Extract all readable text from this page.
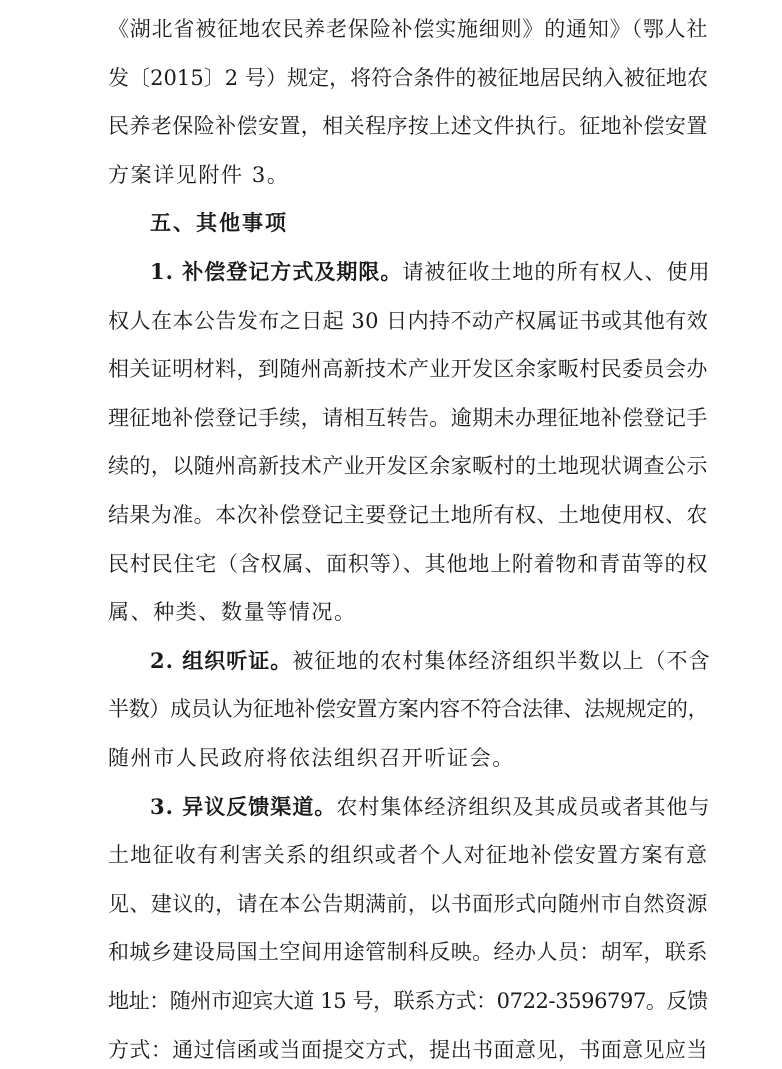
《湖北省被征地农民养老保险补偿实施细则》的通知》（鄂人社
发〔2015〕2 号）规定，将符合条件的被征地居民纳入被征地农
民养老保险补偿安置，相关程序按上述文件执行。征地补偿安置
方案详见附件 3。
五、其他事项
1. 补偿登记方式及期限。请被征收土地的所有权人、使用
权人在本公告发布之日起 30 日内持不动产权属证书或其他有效
相关证明材料，到随州高新技术产业开发区余家畈村民委员会办
理征地补偿登记手续，请相互转告。逾期未办理征地补偿登记手
续的，以随州高新技术产业开发区余家畈村的土地现状调查公示
结果为准。本次补偿登记主要登记土地所有权、土地使用权、农
民村民住宅（含权属、面积等）、其他地上附着物和青苗等的权
属、种类、数量等情况。
2. 组织听证。被征地的农村集体经济组织半数以上（不含
半数）成员认为征地补偿安置方案内容不符合法律、法规规定的，
随州市人民政府将依法组织召开听证会。
3. 异议反馈渠道。农村集体经济组织及其成员或者其他与
土地征收有利害关系的组织或者个人对征地补偿安置方案有意
见、建议的，请在本公告期满前，以书面形式向随州市自然资源
和城乡建设局国土空间用途管制科反映。经办人员：胡军，联系
地址：随州市迎宾大道 15 号，联系方式：0722-3596797。反馈
方式：通过信函或当面提交方式，提出书面意见，书面意见应当
